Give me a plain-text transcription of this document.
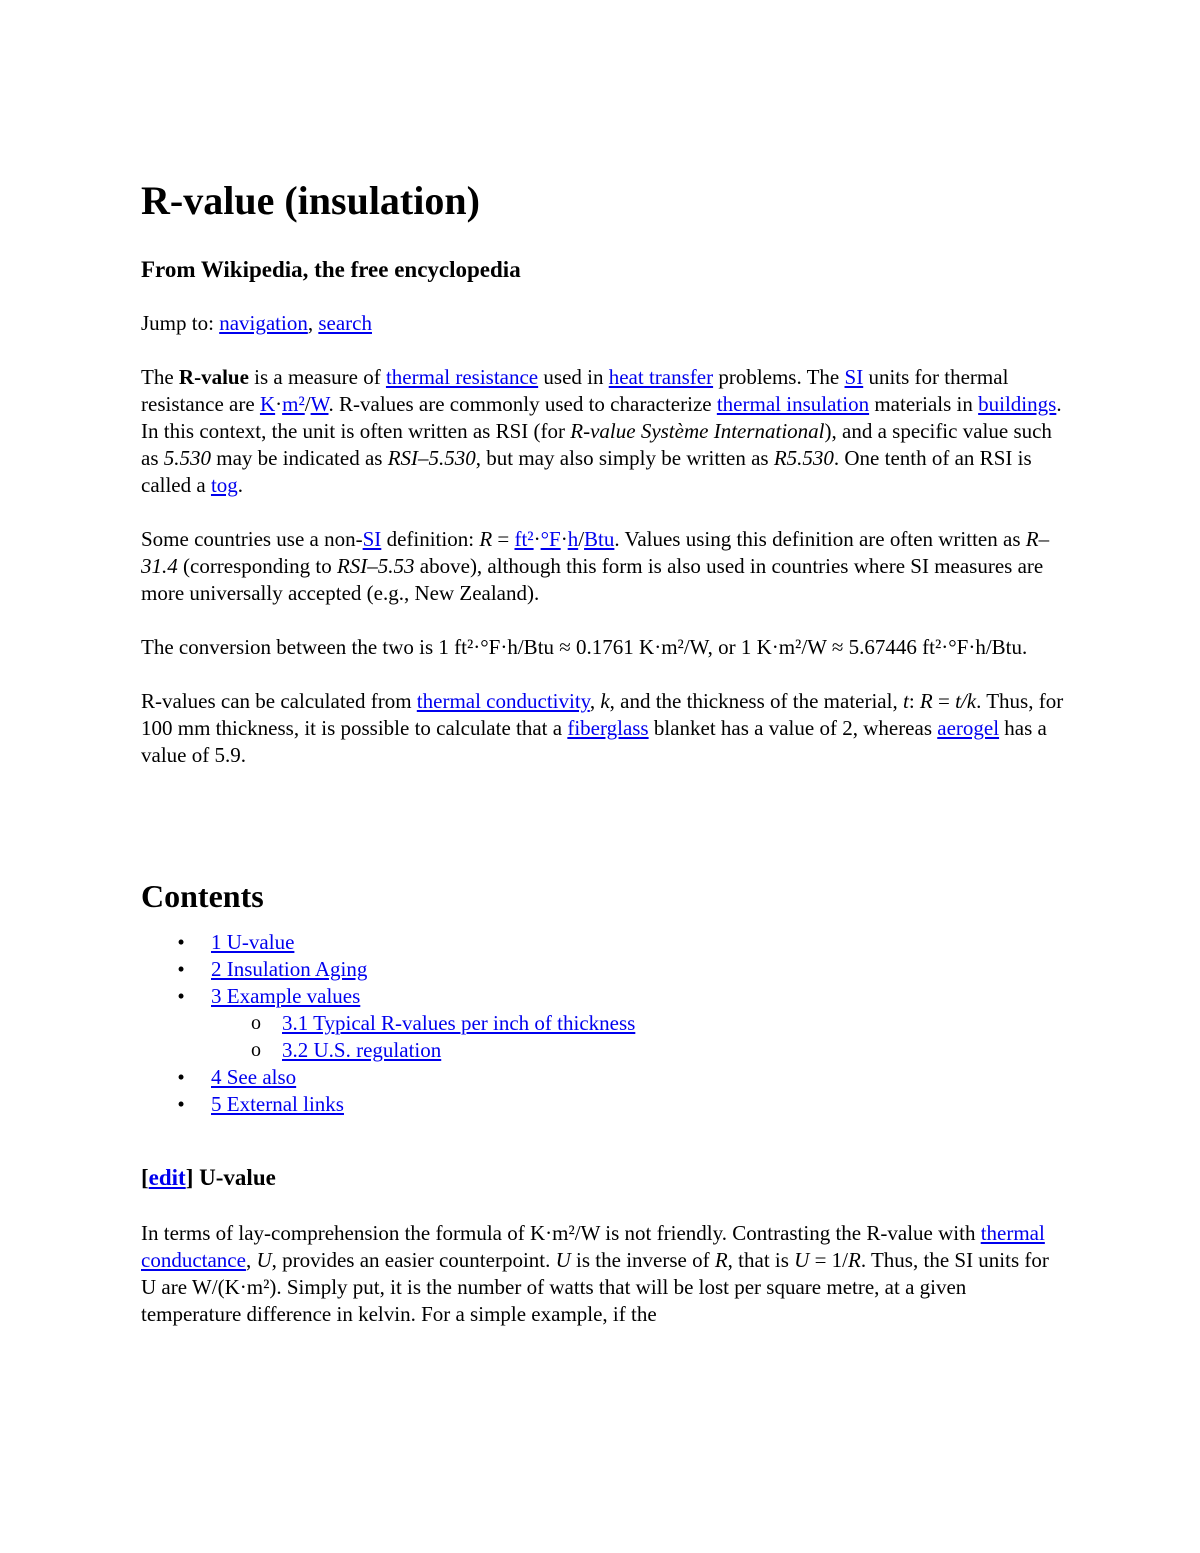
R-value (insulation)
From Wikipedia, the free encyclopedia

Jump to: navigation, search

The R-value is a measure of thermal resistance used in heat transfer problems. The SI units for thermal resistance are K·m²/W. R-values are commonly used to characterize thermal insulation materials in buildings. In this context, the unit is often written as RSI (for R-value Système International), and a specific value such as 5.530 may be indicated as RSI–5.530, but may also simply be written as R5.530. One tenth of an RSI is called a tog.

Some countries use a non-SI definition: R = ft²·°F·h/Btu. Values using this definition are often written as R–31.4 (corresponding to RSI–5.53 above), although this form is also used in countries where SI measures are more universally accepted (e.g., New Zealand).

The conversion between the two is 1 ft²·°F·h/Btu ≈ 0.1761 K·m²/W, or 1 K·m²/W ≈ 5.67446 ft²·°F·h/Btu.

R-values can be calculated from thermal conductivity, k, and the thickness of the material, t: R = t/k. Thus, for 100 mm thickness, it is possible to calculate that a fiberglass blanket has a value of 2, whereas aerogel has a value of 5.9.

Contents
• 1 U-value
• 2 Insulation Aging
• 3 Example values
o 3.1 Typical R-values per inch of thickness
o 3.2 U.S. regulation
• 4 See also
• 5 External links
[edit] U-value

In terms of lay-comprehension the formula of K·m²/W is not friendly. Contrasting the R-value with thermal conductance, U, provides an easier counterpoint. U is the inverse of R, that is U = 1/R. Thus, the SI units for U are W/(K·m²). Simply put, it is the number of watts that will be lost per square metre, at a given temperature difference in kelvin. For a simple example, if the
